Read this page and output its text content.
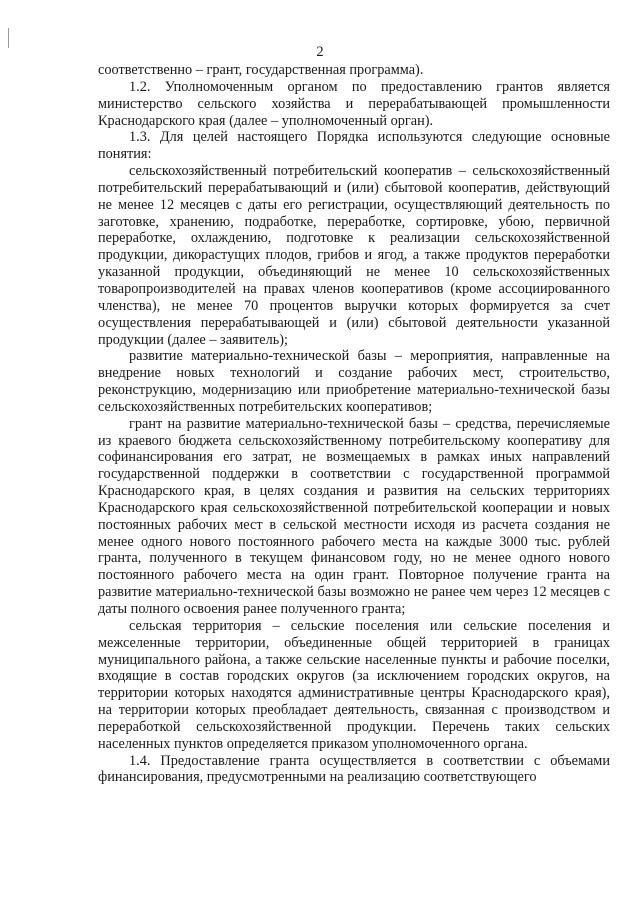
2

соответственно – грант, государственная программа).

1.2. Уполномоченным органом по предоставлению грантов является министерство сельского хозяйства и перерабатывающей промышленности Краснодарского края (далее – уполномоченный орган).

1.3. Для целей настоящего Порядка используются следующие основные понятия:

сельскохозяйственный потребительский кооператив – сельскохозяйственный потребительский перерабатывающий и (или) сбытовой кооператив, действующий не менее 12 месяцев с даты его регистрации, осуществляющий деятельность по заготовке, хранению, подработке, переработке, сортировке, убою, первичной переработке, охлаждению, подготовке к реализации сельскохозяйственной продукции, дикорастущих плодов, грибов и ягод, а также продуктов переработки указанной продукции, объединяющий не менее 10 сельскохозяйственных товаропроизводителей на правах членов кооперативов (кроме ассоциированного членства), не менее 70 процентов выручки которых формируется за счет осуществления перерабатывающей и (или) сбытовой деятельности указанной продукции (далее – заявитель);

развитие материально-технической базы – мероприятия, направленные на внедрение новых технологий и создание рабочих мест, строительство, реконструкцию, модернизацию или приобретение материально-технической базы сельскохозяйственных потребительских кооперативов;

грант на развитие материально-технической базы – средства, перечисляемые из краевого бюджета сельскохозяйственному потребительскому кооперативу для софинансирования его затрат, не возмещаемых в рамках иных направлений государственной поддержки в соответствии с государственной программой Краснодарского края, в целях создания и развития на сельских территориях Краснодарского края сельскохозяйственной потребительской кооперации и новых постоянных рабочих мест в сельской местности исходя из расчета создания не менее одного нового постоянного рабочего места на каждые 3000 тыс. рублей гранта, полученного в текущем финансовом году, но не менее одного нового постоянного рабочего места на один грант. Повторное получение гранта на развитие материально-технической базы возможно не ранее чем через 12 месяцев с даты полного освоения ранее полученного гранта;

сельская территория – сельские поселения или сельские поселения и межселенные территории, объединенные общей территорией в границах муниципального района, а также сельские населенные пункты и рабочие поселки, входящие в состав городских округов (за исключением городских округов, на территории которых находятся административные центры Краснодарского края), на территории которых преобладает деятельность, связанная с производством и переработкой сельскохозяйственной продукции. Перечень таких сельских населенных пунктов определяется приказом уполномоченного органа.

1.4. Предоставление гранта осуществляется в соответствии с объемами финансирования, предусмотренными на реализацию соответствующего
